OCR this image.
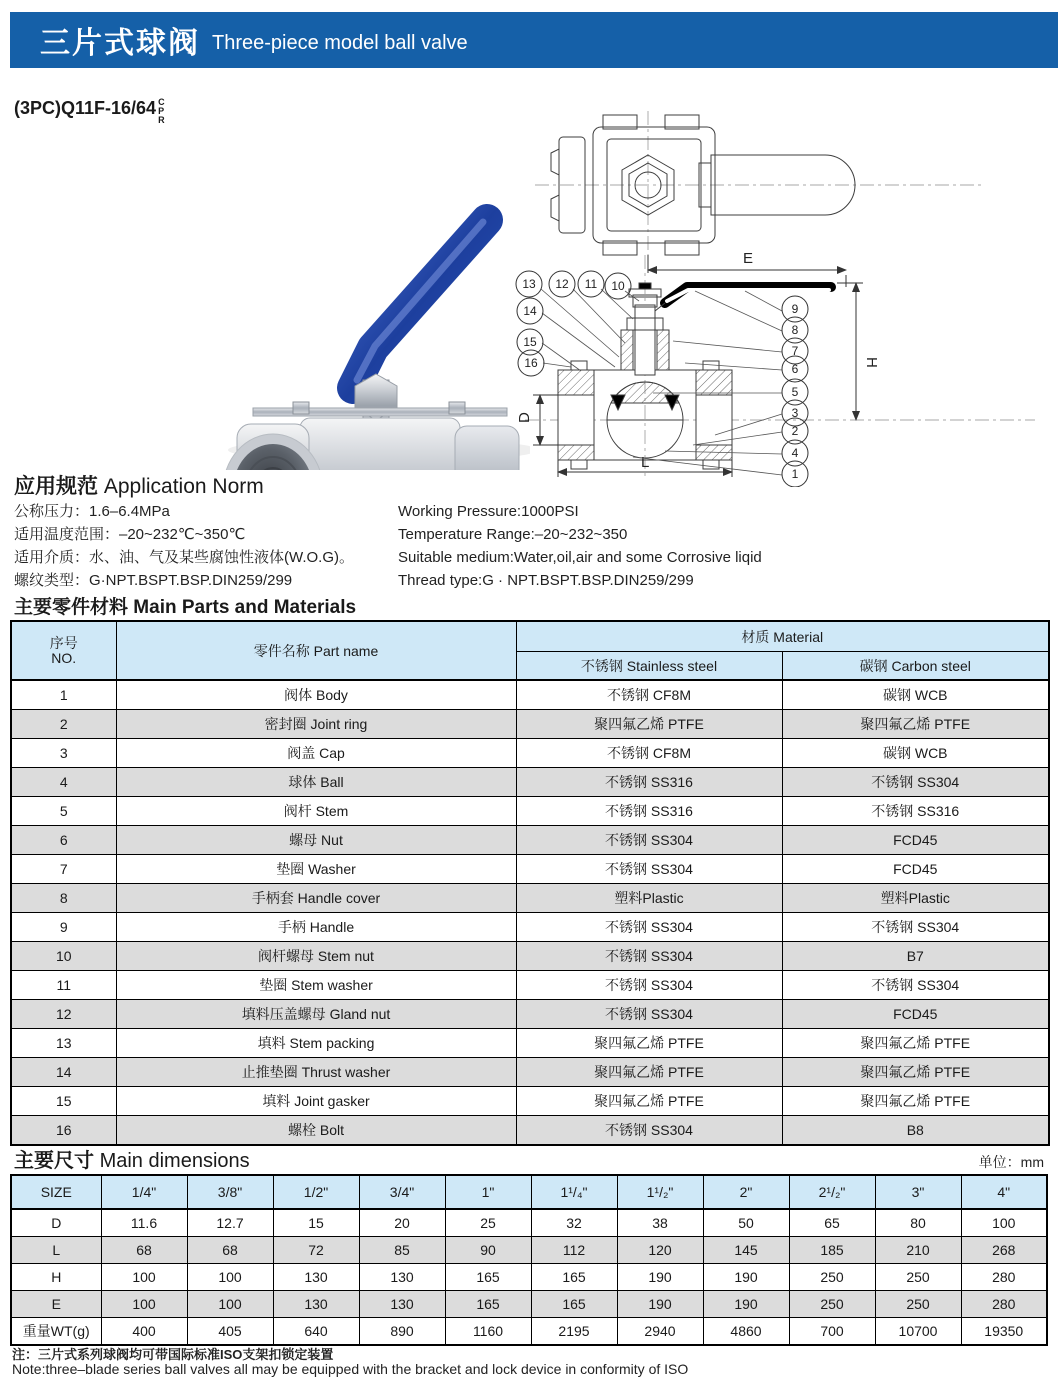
三片式球阀 Three-piece model ball valve
(3PC)Q11F-16/64 C
P
R
E
H
D
L
13 12 11 10
14
15
16
9
8
7
6
5
3
2
4
1
应用规范 Application Norm
公称压力：1.6–6.4MPa
适用温度范围：–20~232℃~350℃
适用介质：水、油、气及某些腐蚀性液体(W.O.G)。
螺纹类型：G·NPT.BSPT.BSP.DIN259/299
Working Pressure:1000PSI
Temperature Range:–20~232~350
Suitable medium:Water,oil,air and some Corrosive liqid
Thread type:G · NPT.BSPT.BSP.DIN259/299
主要零件材料 Main Parts and Materials
序号
NO.	零件名称 Part name	材质 Material	
		不锈钢 Stainless steel	碳钢 Carbon steel
1	阀体 Body	不锈钢 CF8M	碳钢 WCB
2	密封圈 Joint ring	聚四氟乙烯 PTFE	聚四氟乙烯 PTFE
3	阀盖 Cap	不锈钢 CF8M	碳钢 WCB
4	球体 Ball	不锈钢 SS316	不锈钢 SS304
5	阀杆 Stem	不锈钢 SS316	不锈钢 SS316
6	螺母 Nut	不锈钢 SS304	FCD45
7	垫圈 Washer	不锈钢 SS304	FCD45
8	手柄套 Handle cover	塑料Plastic	塑料Plastic
9	手柄 Handle	不锈钢 SS304	不锈钢 SS304
10	阀杆螺母 Stem nut	不锈钢 SS304	B7
11	垫圈 Stem washer	不锈钢 SS304	不锈钢 SS304
12	填料压盖螺母 Gland nut	不锈钢 SS304	FCD45
13	填料 Stem packing	聚四氟乙烯 PTFE	聚四氟乙烯 PTFE
14	止推垫圈 Thrust washer	聚四氟乙烯 PTFE	聚四氟乙烯 PTFE
15	填料 Joint gasker	聚四氟乙烯 PTFE	聚四氟乙烯 PTFE
16	螺栓 Bolt	不锈钢 SS304	B8
主要尺寸 Main dimensions	单位：mm
SIZE	1/4"	3/8"	1/2"	3/4"	1"	1¹/₄"	1¹/₂"	2"	2¹/₂"	3"	4"
D	11.6	12.7	15	20	25	32	38	50	65	80	100
L	68	68	72	85	90	112	120	145	185	210	268
H	100	100	130	130	165	165	190	190	250	250	280
E	100	100	130	130	165	165	190	190	250	250	280
重量WT(g)	400	405	640	890	1160	2195	2940	4860	700	10700	19350
注：三片式系列球阀均可带国际标准ISO支架扣锁定装置
Note:three–blade series ball valves all may be equipped with the bracket and lock device in conformity of ISO
